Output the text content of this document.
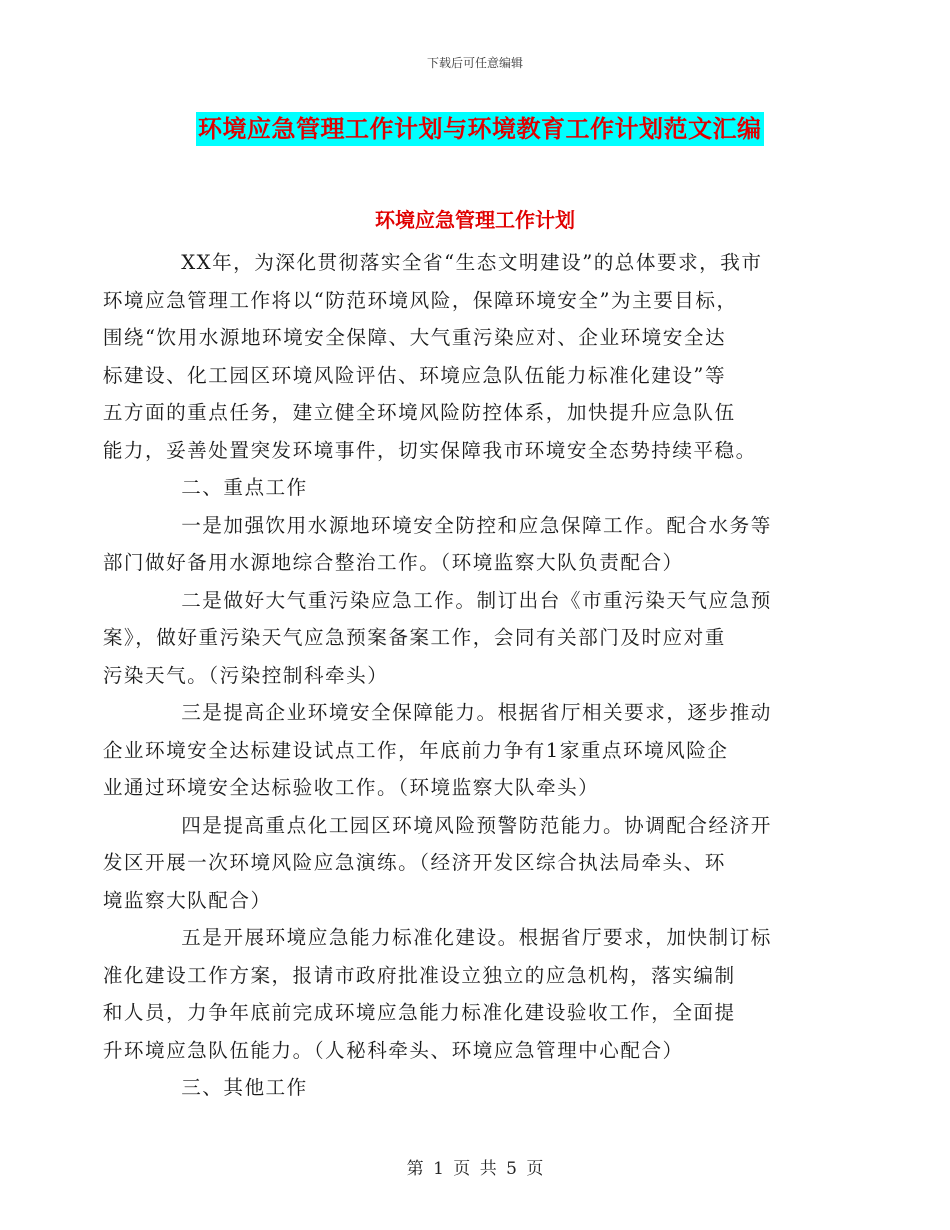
下载后可任意编辑
环境应急管理工作计划与环境教育工作计划范文汇编
环境应急管理工作计划

XX年，为深化贯彻落实全省“生态文明建设”的总体要求，我市
环境应急管理工作将以“防范环境风险，保障环境安全”为主要目标，
围绕“饮用水源地环境安全保障、大气重污染应对、企业环境安全达
标建设、化工园区环境风险评估、环境应急队伍能力标准化建设”等
五方面的重点任务，建立健全环境风险防控体系，加快提升应急队伍
能力，妥善处置突发环境事件，切实保障我市环境安全态势持续平稳。

二、重点工作

一是加强饮用水源地环境安全防控和应急保障工作。配合水务等
部门做好备用水源地综合整治工作。（环境监察大队负责配合）

二是做好大气重污染应急工作。制订出台《市重污染天气应急预
案》，做好重污染天气应急预案备案工作，会同有关部门及时应对重
污染天气。（污染控制科牵头）

三是提高企业环境安全保障能力。根据省厅相关要求，逐步推动
企业环境安全达标建设试点工作，年底前力争有1家重点环境风险企
业通过环境安全达标验收工作。（环境监察大队牵头）

四是提高重点化工园区环境风险预警防范能力。协调配合经济开
发区开展一次环境风险应急演练。（经济开发区综合执法局牵头、环
境监察大队配合）

五是开展环境应急能力标准化建设。根据省厅要求，加快制订标
准化建设工作方案，报请市政府批准设立独立的应急机构，落实编制
和人员，力争年底前完成环境应急能力标准化建设验收工作，全面提
升环境应急队伍能力。（人秘科牵头、环境应急管理中心配合）

三、其他工作

第 1 页 共 5 页
